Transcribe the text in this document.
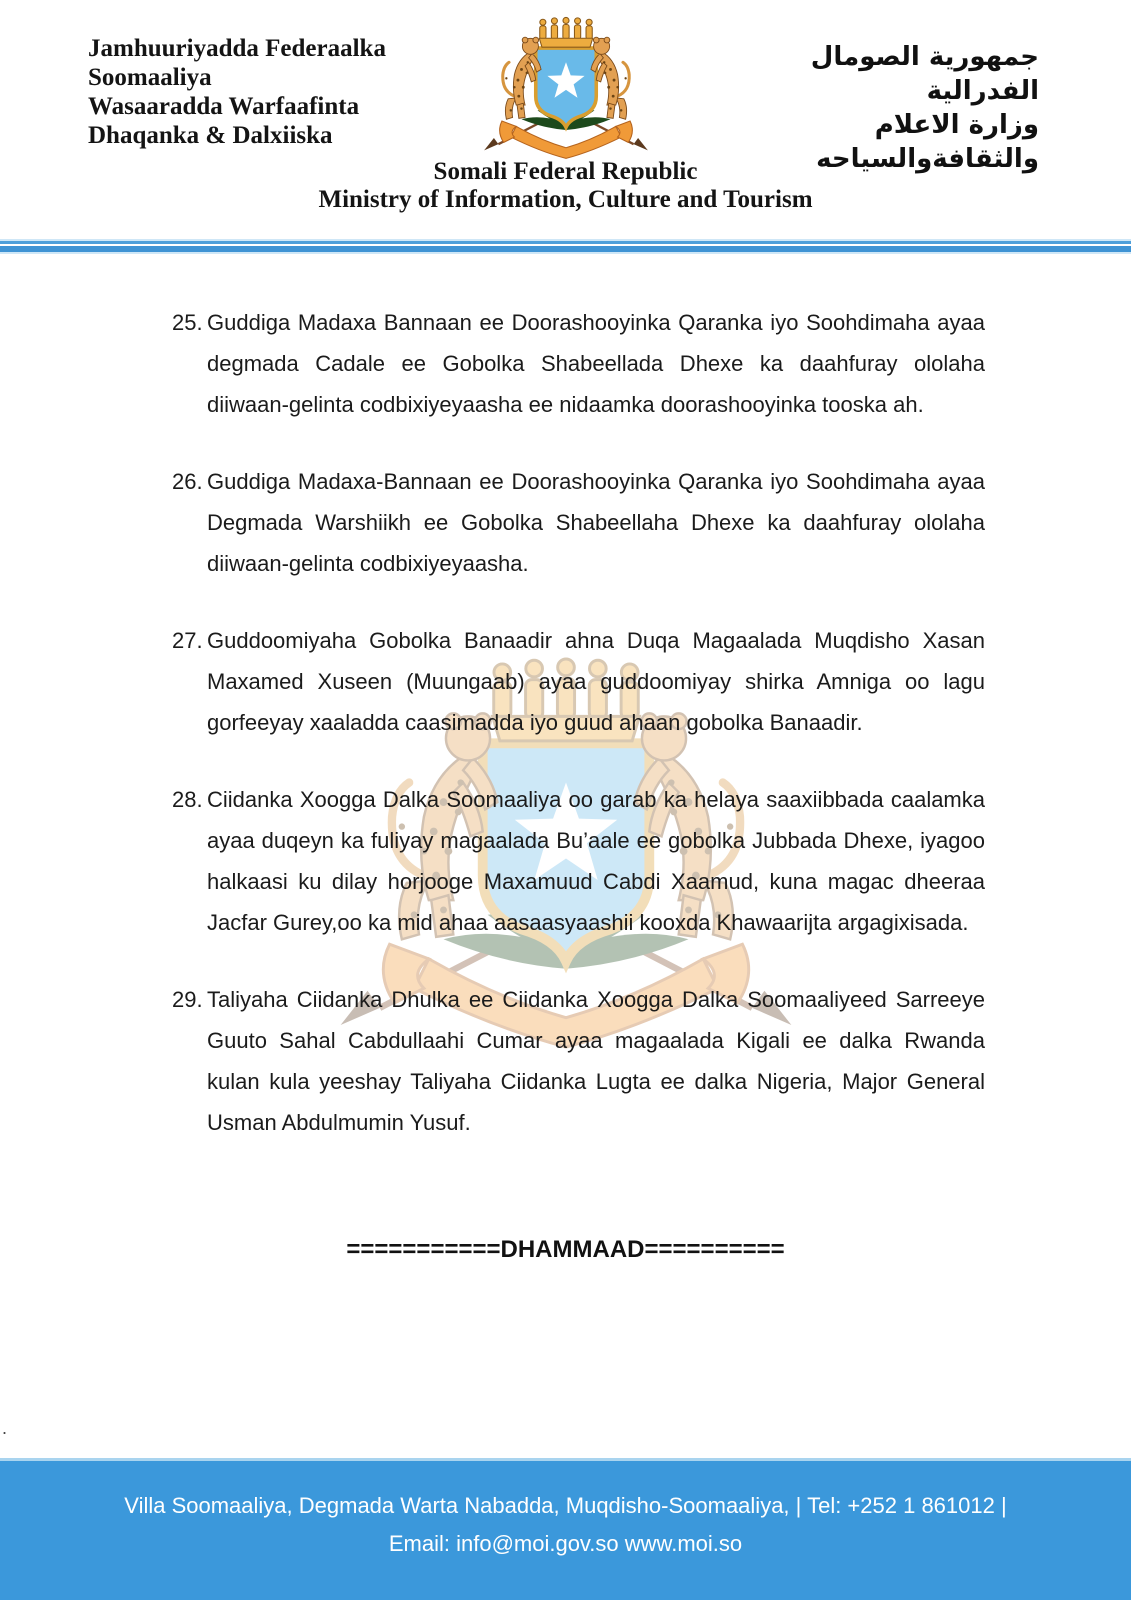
Jamhuuriyadda Federaalka
Soomaaliya
Wasaaradda Warfaafinta
Dhaqanka & Dalxiiska
جمهورية الصومال الفدرالية
وزارة الاعلام
والثقافةوالسياحه
Somali Federal Republic
Ministry of Information, Culture and Tourism
25. Guddiga Madaxa Bannaan ee Doorashooyinka Qaranka iyo Soohdimaha ayaa degmada Cadale ee Gobolka Shabeellada Dhexe ka daahfuray ololaha diiwaan-gelinta codbixiyeyaasha ee nidaamka doorashooyinka tooska ah.
26. Guddiga Madaxa-Bannaan ee Doorashooyinka Qaranka iyo Soohdimaha ayaa Degmada Warshiikh ee Gobolka Shabeellaha Dhexe ka daahfuray ololaha diiwaan-gelinta codbixiyeyaasha.
27. Guddoomiyaha Gobolka Banaadir ahna Duqa Magaalada Muqdisho Xasan Maxamed Xuseen (Muungaab) ayaa guddoomiyay shirka Amniga oo lagu gorfeeyay xaaladda caasimadda iyo guud ahaan gobolka Banaadir.
28. Ciidanka Xoogga Dalka Soomaaliya oo garab ka helaya saaxiibbada caalamka ayaa duqeyn ka fuliyay magaalada Bu’aale ee gobolka Jubbada Dhexe, iyagoo halkaasi ku dilay horjooge Maxamuud Cabdi Xaamud, kuna magac dheeraa Jacfar Gurey,oo ka mid ahaa aasaasyaashii kooxda Khawaarijta argagixisada.
29. Taliyaha Ciidanka Dhulka ee Ciidanka Xoogga Dalka Soomaaliyeed Sarreeye Guuto Sahal Cabdullaahi Cumar ayaa magaalada Kigali ee dalka Rwanda kulan kula yeeshay Taliyaha Ciidanka Lugta ee dalka Nigeria, Major General Usman Abdulmumin Yusuf.
===========DHAMMAAD==========
.
Villa Soomaaliya, Degmada Warta Nabadda, Muqdisho-Soomaaliya, | Tel: +252 1 861012 |
Email: info@moi.gov.so www.moi.so
